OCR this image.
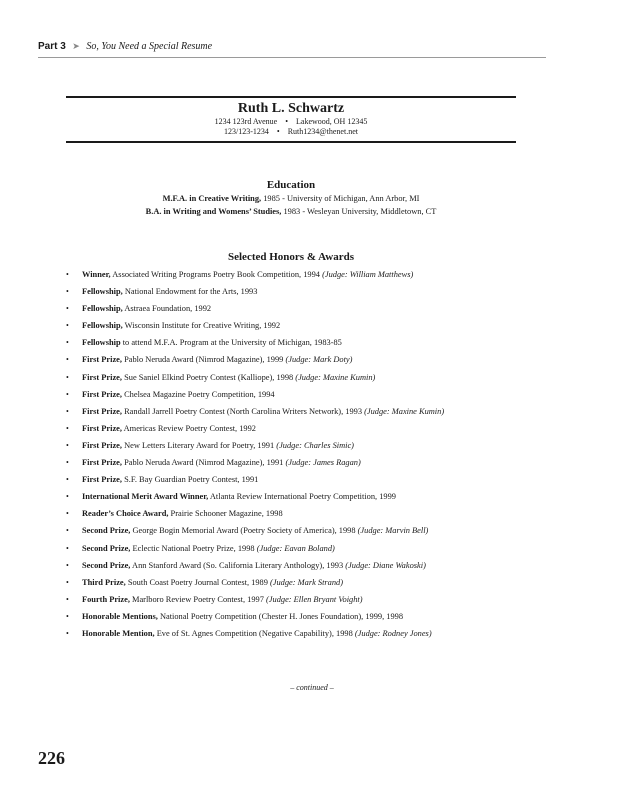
Part 3 ➤ So, You Need a Special Resume
Ruth L. Schwartz
1234 123rd Avenue • Lakewood, OH 12345
123/123-1234 • Ruth1234@thenet.net
Education
M.F.A. in Creative Writing, 1985 - University of Michigan, Ann Arbor, MI
B.A. in Writing and Womens’ Studies, 1983 - Wesleyan University, Middletown, CT
Selected Honors & Awards
• Winner, Associated Writing Programs Poetry Book Competition, 1994 (Judge: William Matthews)
• Fellowship, National Endowment for the Arts, 1993
• Fellowship, Astraea Foundation, 1992
• Fellowship, Wisconsin Institute for Creative Writing, 1992
• Fellowship to attend M.F.A. Program at the University of Michigan, 1983-85
• First Prize, Pablo Neruda Award (Nimrod Magazine), 1999 (Judge: Mark Doty)
• First Prize, Sue Saniel Elkind Poetry Contest (Kalliope), 1998 (Judge: Maxine Kumin)
• First Prize, Chelsea Magazine Poetry Competition, 1994
• First Prize, Randall Jarrell Poetry Contest (North Carolina Writers Network), 1993 (Judge: Maxine Kumin)
• First Prize, Americas Review Poetry Contest, 1992
• First Prize, New Letters Literary Award for Poetry, 1991 (Judge: Charles Simic)
• First Prize, Pablo Neruda Award (Nimrod Magazine), 1991 (Judge: James Ragan)
• First Prize, S.F. Bay Guardian Poetry Contest, 1991
• International Merit Award Winner, Atlanta Review International Poetry Competition, 1999
• Reader’s Choice Award, Prairie Schooner Magazine, 1998
• Second Prize, George Bogin Memorial Award (Poetry Society of America), 1998 (Judge: Marvin Bell)
• Second Prize, Eclectic National Poetry Prize, 1998 (Judge: Eavan Boland)
• Second Prize, Ann Stanford Award (So. California Literary Anthology), 1993 (Judge: Diane Wakoski)
• Third Prize, South Coast Poetry Journal Contest, 1989 (Judge: Mark Strand)
• Fourth Prize, Marlboro Review Poetry Contest, 1997 (Judge: Ellen Bryant Voight)
• Honorable Mentions, National Poetry Competition (Chester H. Jones Foundation), 1999, 1998
• Honorable Mention, Eve of St. Agnes Competition (Negative Capability), 1998 (Judge: Rodney Jones)
– continued –
226
